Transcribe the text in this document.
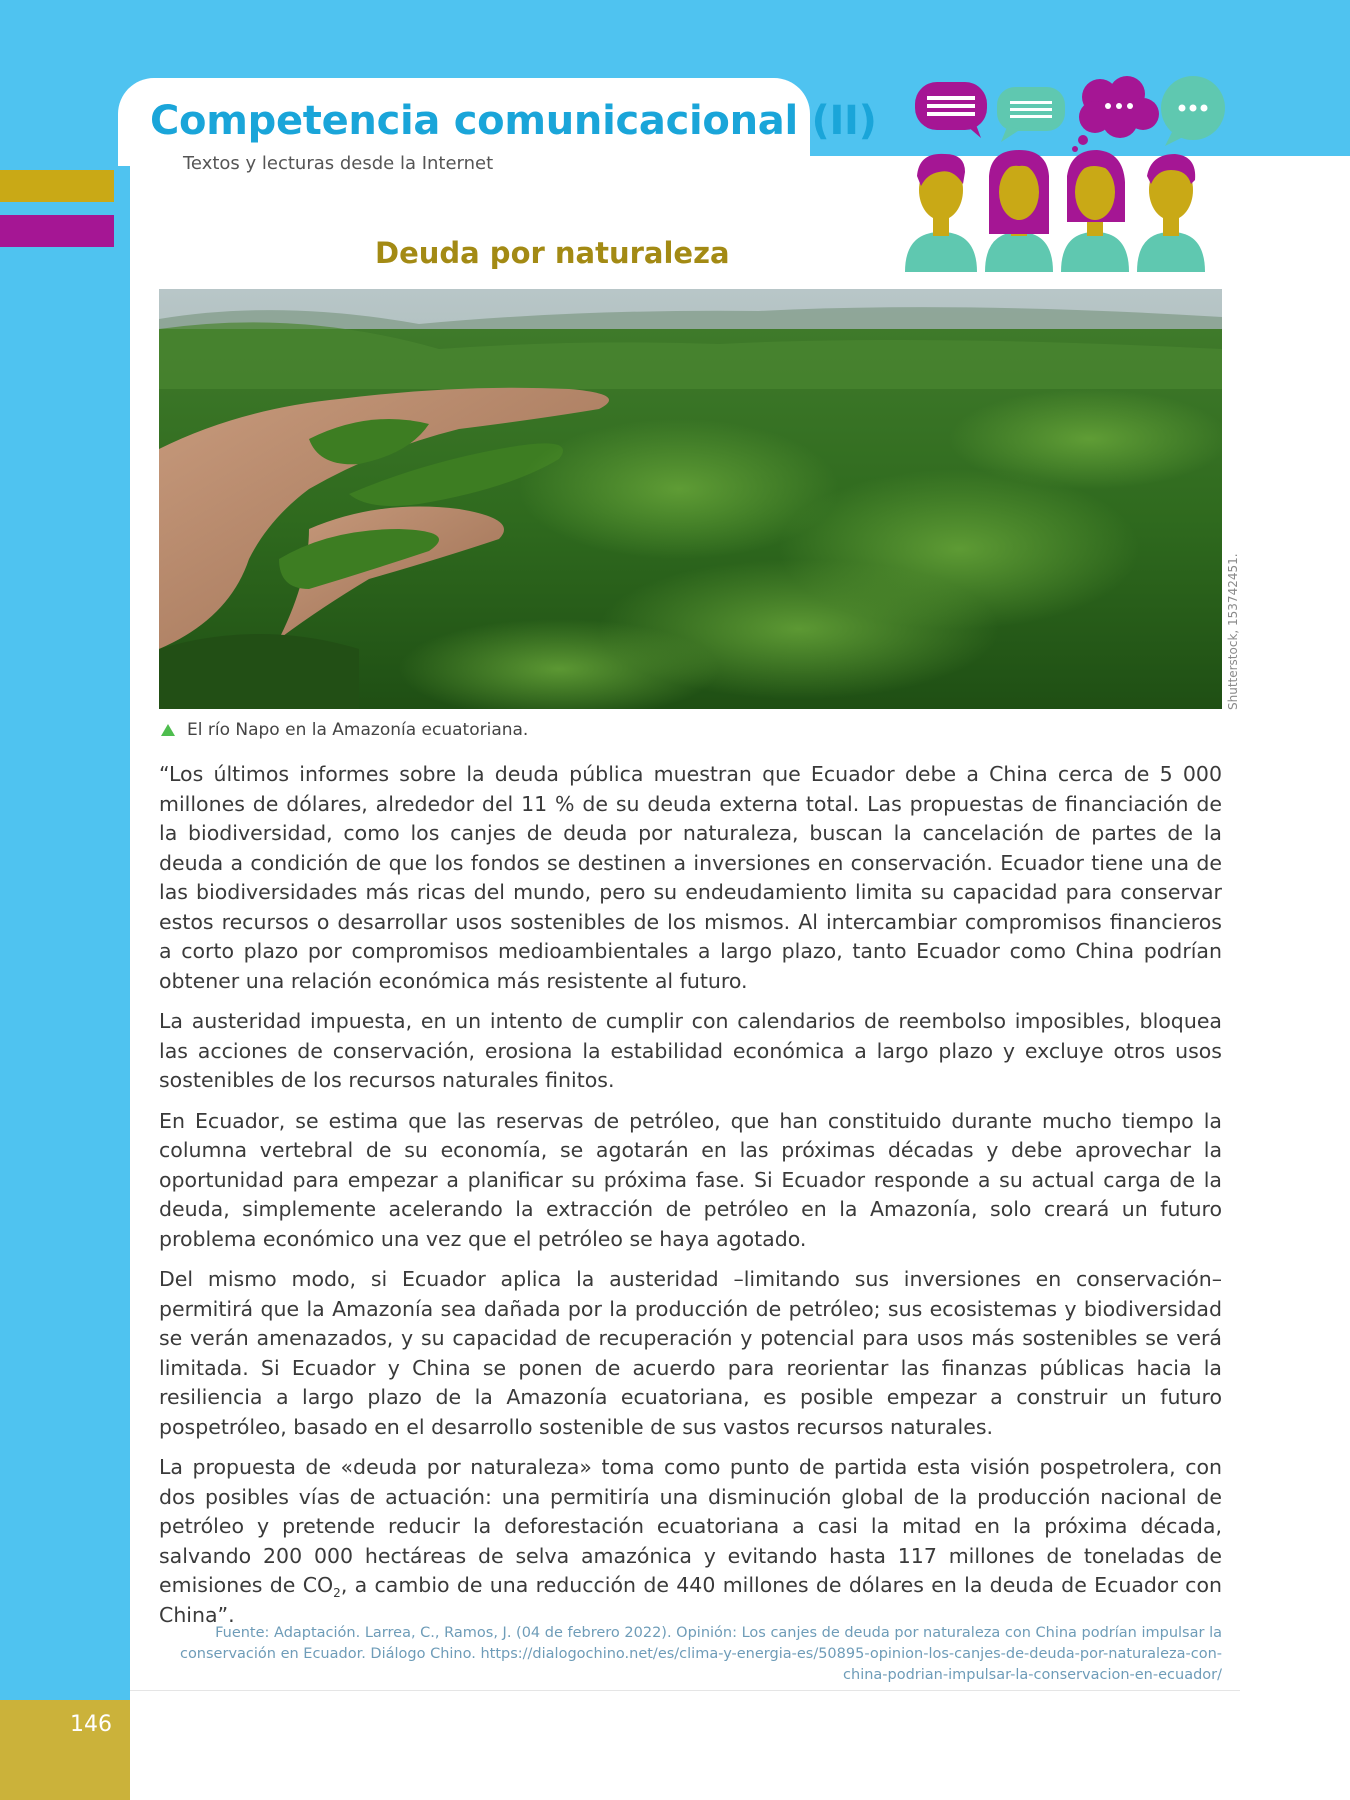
146
Competencia comunicacional (II)
Textos y lecturas desde la Internet
Deuda por naturaleza
Shutterstock, 153742451.
El río Napo en la Amazonía ecuatoriana.

“Los últimos informes sobre la deuda pública muestran que Ecuador debe a China cerca de 5 000 millones de dólares, alrededor del 11 % de su deuda externa total. Las propuestas de financiación de la biodiversidad, como los canjes de deuda por naturaleza, buscan la cancelación de partes de la deuda a condición de que los fondos se destinen a inversiones en conservación. Ecuador tiene una de las biodiversidades más ricas del mundo, pero su endeudamiento limita su capacidad para conservar estos recursos o desarrollar usos sostenibles de los mismos. Al intercambiar compromisos financieros a corto plazo por compromisos medioambientales a largo plazo, tanto Ecuador como China podrían obtener una relación económica más resistente al futuro.

La austeridad impuesta, en un intento de cumplir con calendarios de reembolso imposibles, bloquea las acciones de conservación, erosiona la estabilidad económica a largo plazo y excluye otros usos sostenibles de los recursos naturales finitos.

En Ecuador, se estima que las reservas de petróleo, que han constituido durante mucho tiempo la columna vertebral de su economía, se agotarán en las próximas décadas y debe aprovechar la oportunidad para empezar a planificar su próxima fase. Si Ecuador responde a su actual carga de la deuda, simplemente acelerando la extracción de petróleo en la Amazonía, solo creará un futuro problema económico una vez que el petróleo se haya agotado.

Del mismo modo, si Ecuador aplica la austeridad –limitando sus inversiones en conservación– permitirá que la Amazonía sea dañada por la producción de petróleo; sus ecosistemas y biodiversidad se verán amenazados, y su capacidad de recuperación y potencial para usos más sostenibles se verá limitada. Si Ecuador y China se ponen de acuerdo para reorientar las finanzas públicas hacia la resiliencia a largo plazo de la Amazonía ecuatoriana, es posible empezar a construir un futuro pospetróleo, basado en el desarrollo sostenible de sus vastos recursos naturales.

La propuesta de «deuda por naturaleza» toma como punto de partida esta visión pospetrolera, con dos posibles vías de actuación: una permitiría una disminución global de la producción nacional de petróleo y pretende reducir la deforestación ecuatoriana a casi la mitad en la próxima década, salvando 200 000 hectáreas de selva amazónica y evitando hasta 117 millones de toneladas de emisiones de $CO_2$, a cambio de una reducción de 440 millones de dólares en la deuda de Ecuador con China”.

Fuente: Adaptación. Larrea, C., Ramos, J. (04 de febrero 2022). Opinión: Los canjes de deuda por naturaleza con China podrían impulsar la conservación en Ecuador. Diálogo Chino. https://dialogochino.net/es/clima-y-energia-es/50895-opinion-los-canjes-de-deuda-por-naturaleza-con-china-podrian-impulsar-la-conservacion-en-ecuador/
